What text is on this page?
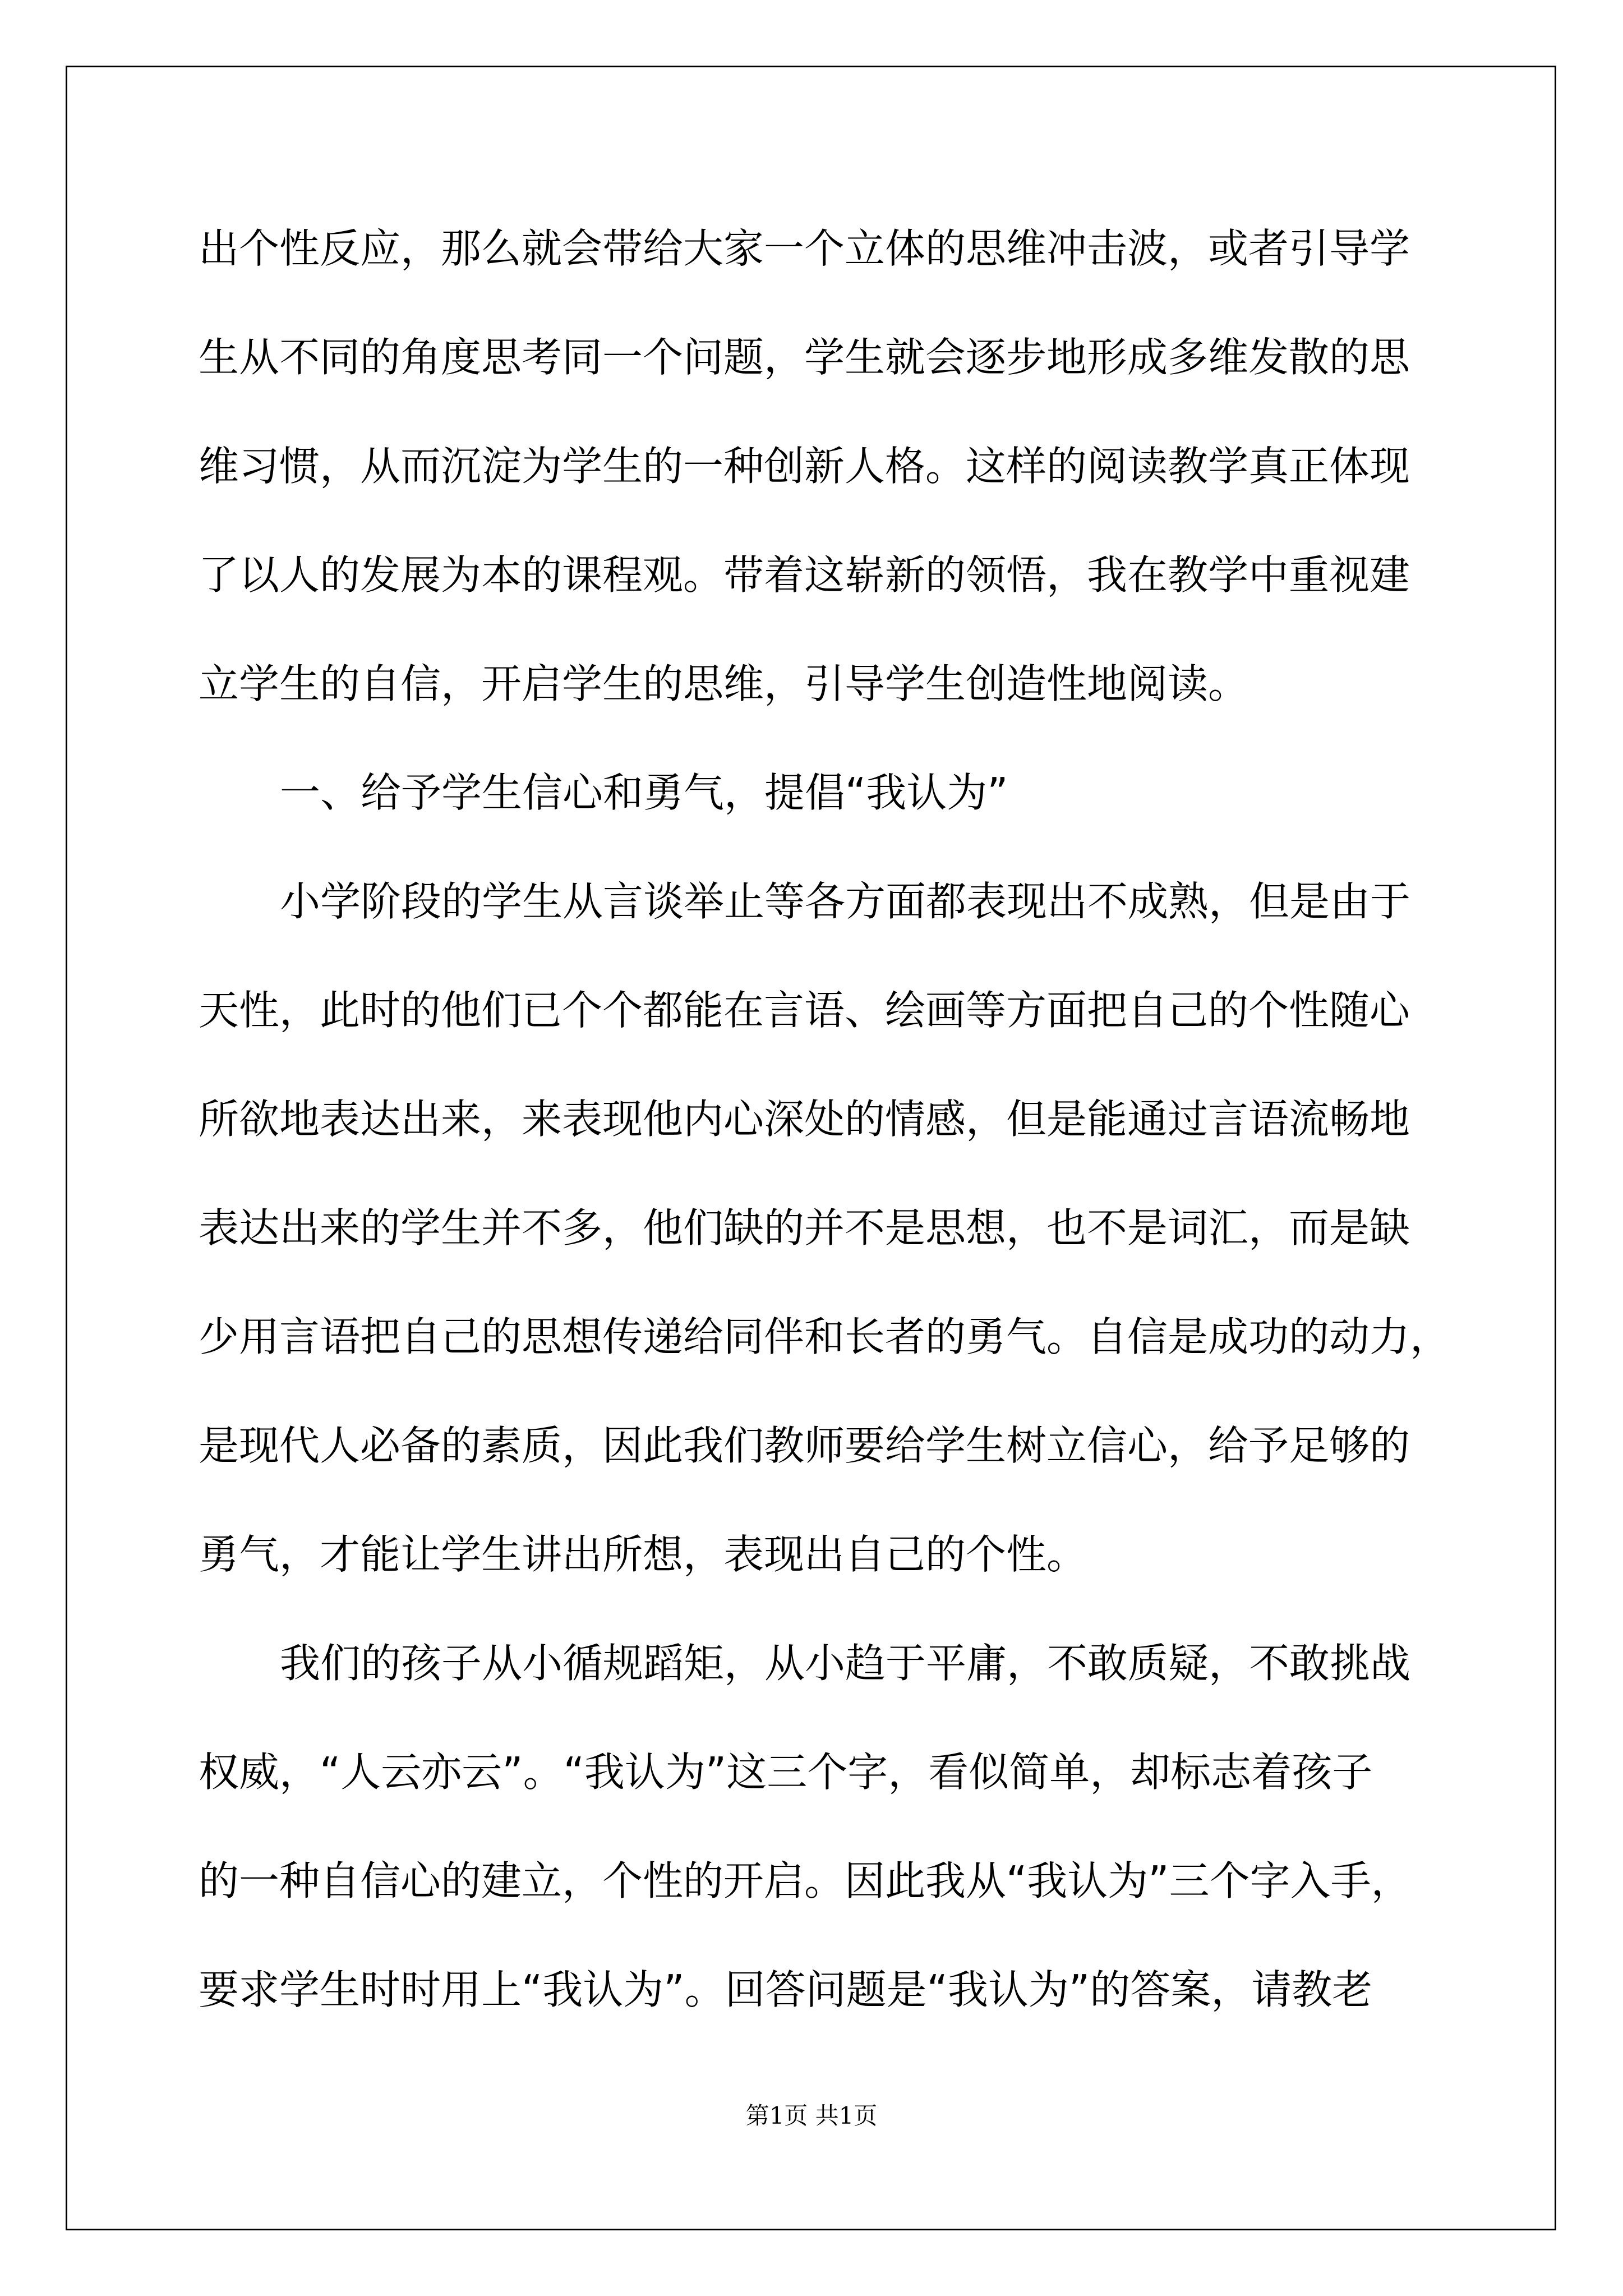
出个性反应，那么就会带给大家一个立体的思维冲击波，或者引导学
生从不同的角度思考同一个问题，学生就会逐步地形成多维发散的思
维习惯，从而沉淀为学生的一种创新人格。这样的阅读教学真正体现
了以人的发展为本的课程观。带着这崭新的领悟，我在教学中重视建
立学生的自信，开启学生的思维，引导学生创造性地阅读。
一、给予学生信心和勇气，提倡“我认为”
小学阶段的学生从言谈举止等各方面都表现出不成熟，但是由于
天性，此时的他们已个个都能在言语、绘画等方面把自己的个性随心
所欲地表达出来，来表现他内心深处的情感，但是能通过言语流畅地
表达出来的学生并不多，他们缺的并不是思想，也不是词汇，而是缺
少用言语把自己的思想传递给同伴和长者的勇气。自信是成功的动力，
是现代人必备的素质，因此我们教师要给学生树立信心，给予足够的
勇气，才能让学生讲出所想，表现出自己的个性。
我们的孩子从小循规蹈矩，从小趋于平庸，不敢质疑，不敢挑战
权威，“人云亦云”。“我认为”这三个字，看似简单，却标志着孩子
的一种自信心的建立，个性的开启。因此我从“我认为”三个字入手，
要求学生时时用上“我认为”。回答问题是“我认为”的答案，请教老
第1页 共1页
